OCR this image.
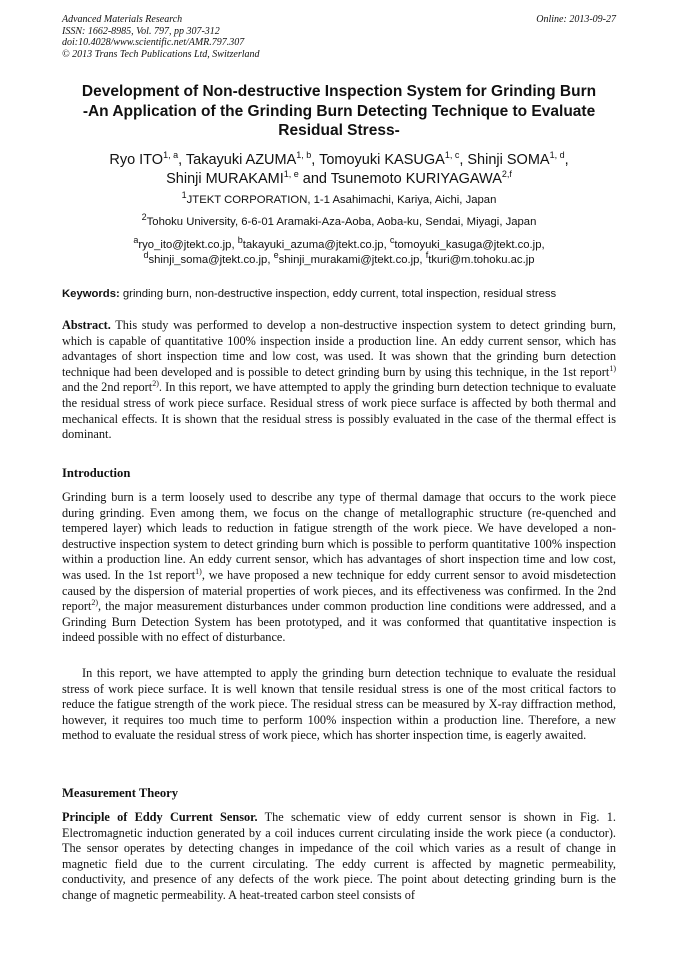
Advanced Materials Research
ISSN: 1662-8985, Vol. 797, pp 307-312
doi:10.4028/www.scientific.net/AMR.797.307
© 2013 Trans Tech Publications Ltd, Switzerland
Online: 2013-09-27
Development of Non-destructive Inspection System for Grinding Burn
-An Application of the Grinding Burn Detecting Technique to Evaluate
Residual Stress-
Ryo ITO$^{1, a}$, Takayuki AZUMA$^{1, b}$, Tomoyuki KASUGA$^{1, c}$, Shinji SOMA$^{1, d}$,
Shinji MURAKAMI$^{1, e}$ and Tsunemoto KURIYAGAWA$^{2,f}$
$^1$JTEKT CORPORATION, 1-1 Asahimachi, Kariya, Aichi, Japan
$^2$Tohoku University, 6-6-01 Aramaki-Aza-Aoba, Aoba-ku, Sendai, Miyagi, Japan
$^a$ryo_ito@jtekt.co.jp, $^b$takayuki_azuma@jtekt.co.jp, $^c$tomoyuki_kasuga@jtekt.co.jp,
$^d$shinji_soma@jtekt.co.jp, $^e$shinji_murakami@jtekt.co.jp, $^f$tkuri@m.tohoku.ac.jp
Keywords: grinding burn, non-destructive inspection, eddy current, total inspection, residual stress

Abstract. This study was performed to develop a non-destructive inspection system to detect grinding burn, which is capable of quantitative 100% inspection inside a production line. An eddy current sensor, which has advantages of short inspection time and low cost, was used. It was shown that the grinding burn detection technique had been developed and is possible to detect grinding burn by using this technique, in the 1st report$^{1)}$ and the 2nd report$^{2)}$. In this report, we have attempted to apply the grinding burn detection technique to evaluate the residual stress of work piece surface. Residual stress of work piece surface is affected by both thermal and mechanical effects. It is shown that the residual stress is possibly evaluated in the case of the thermal effect is dominant.

Introduction

Grinding burn is a term loosely used to describe any type of thermal damage that occurs to the work piece during grinding. Even among them, we focus on the change of metallographic structure (re-quenched and tempered layer) which leads to reduction in fatigue strength of the work piece. We have developed a non-destructive inspection system to detect grinding burn which is possible to perform quantitative 100% inspection within a production line. An eddy current sensor, which has advantages of short inspection time and low cost, was used. In the 1st report$^{1)}$, we have proposed a new technique for eddy current sensor to avoid misdetection caused by the dispersion of material properties of work pieces, and its effectiveness was confirmed. In the 2nd report$^{2)}$, the major measurement disturbances under common production line conditions were addressed, and a Grinding Burn Detection System has been prototyped, and it was conformed that quantitative inspection is indeed possible with no effect of disturbance.

In this report, we have attempted to apply the grinding burn detection technique to evaluate the residual stress of work piece surface. It is well known that tensile residual stress is one of the most critical factors to reduce the fatigue strength of the work piece. The residual stress can be measured by X-ray diffraction method, however, it requires too much time to perform 100% inspection within a production line. Therefore, a new method to evaluate the residual stress of work piece, which has shorter inspection time, is eagerly awaited.

Measurement Theory

Principle of Eddy Current Sensor. The schematic view of eddy current sensor is shown in Fig. 1. Electromagnetic induction generated by a coil induces current circulating inside the work piece (a conductor). The sensor operates by detecting changes in impedance of the coil which varies as a result of change in magnetic field due to the current circulating. The eddy current is affected by magnetic permeability, conductivity, and presence of any defects of the work piece. The point about detecting grinding burn is the change of magnetic permeability. A heat-treated carbon steel consists of
